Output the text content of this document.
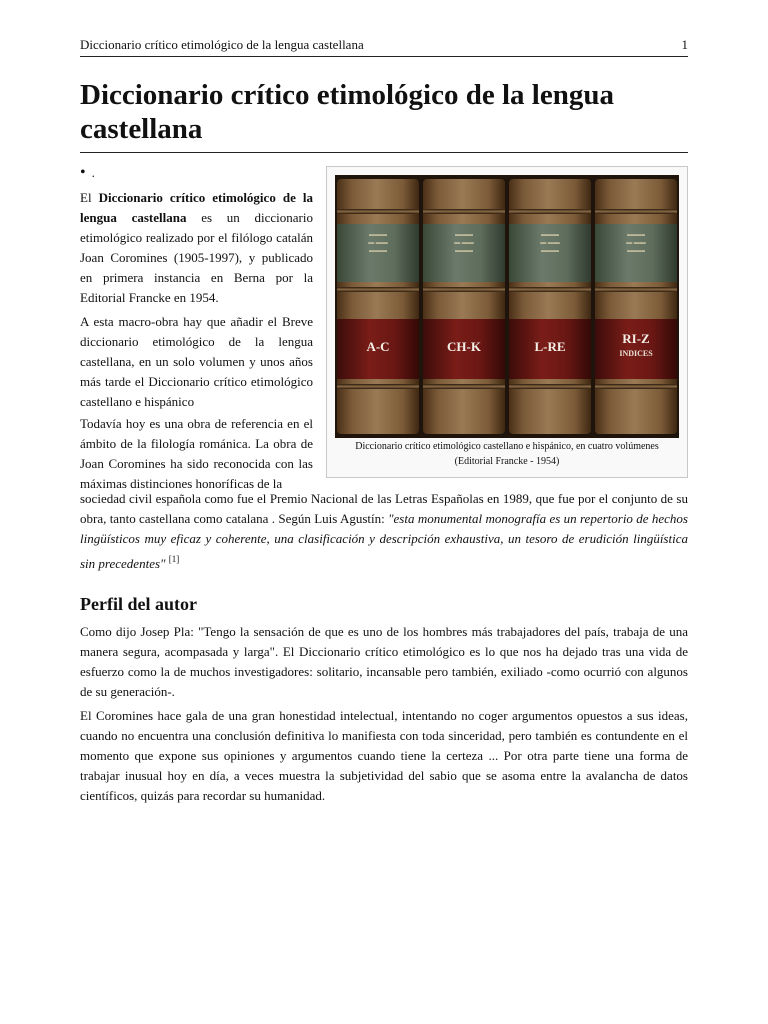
Diccionario crítico etimológico de la lengua castellana	1
Diccionario crítico etimológico de la lengua
castellana
• .

El Diccionario crítico etimológico de la lengua castellana es un diccionario etimológico realizado por el filólogo catalán Joan Coromines (1905-1997), y publicado en primera instancia en Berna por la Editorial Francke en 1954.

A esta macro-obra hay que añadir el Breve diccionario etimológico de la lengua castellana, en un solo volumen y unos años más tarde el Diccionario crítico etimológico castellano e hispánico

Todavía hoy es una obra de referencia en el ámbito de la filología románica. La obra de Joan Coromines ha sido reconocida con las máximas distinciones honoríficas de la

sociedad civil española como fue el Premio Nacional de las Letras Españolas en 1989, que fue por el conjunto de su obra, tanto castellana como catalana . Según Luis Agustín: "esta monumental monografía es un repertorio de hechos lingüísticos muy eficaz y coherente, una clasificación y descripción exhaustiva, un tesoro de erudición lingüística sin precedentes" [1]

▬▬▬
▬ ▬▬
▬▬▬
A-C
▬▬▬
▬ ▬▬
▬▬▬
CH-K
▬▬▬
▬ ▬▬
▬▬▬
L-RE
▬▬▬
▬ ▬▬
▬▬▬
RI-Z
INDICES
Diccionario crítico etimológico castellano e hispánico, en cuatro volúmenes
(Editorial Francke - 1954)
Perfil del autor

Como dijo Josep Pla: "Tengo la sensación de que es uno de los hombres más trabajadores del país, trabaja de una manera segura, acompasada y larga". El Diccionario crítico etimológico es lo que nos ha dejado tras una vida de esfuerzo como la de muchos investigadores: solitario, incansable pero también, exiliado -como ocurrió con algunos de su generación-.

El Coromines hace gala de una gran honestidad intelectual, intentando no coger argumentos opuestos a sus ideas, cuando no encuentra una conclusión definitiva lo manifiesta con toda sinceridad, pero también es contundente en el momento que expone sus opiniones y argumentos cuando tiene la certeza ... Por otra parte tiene una forma de trabajar inusual hoy en día, a veces muestra la subjetividad del sabio que se asoma entre la avalancha de datos científicos, quizás para recordar su humanidad.
